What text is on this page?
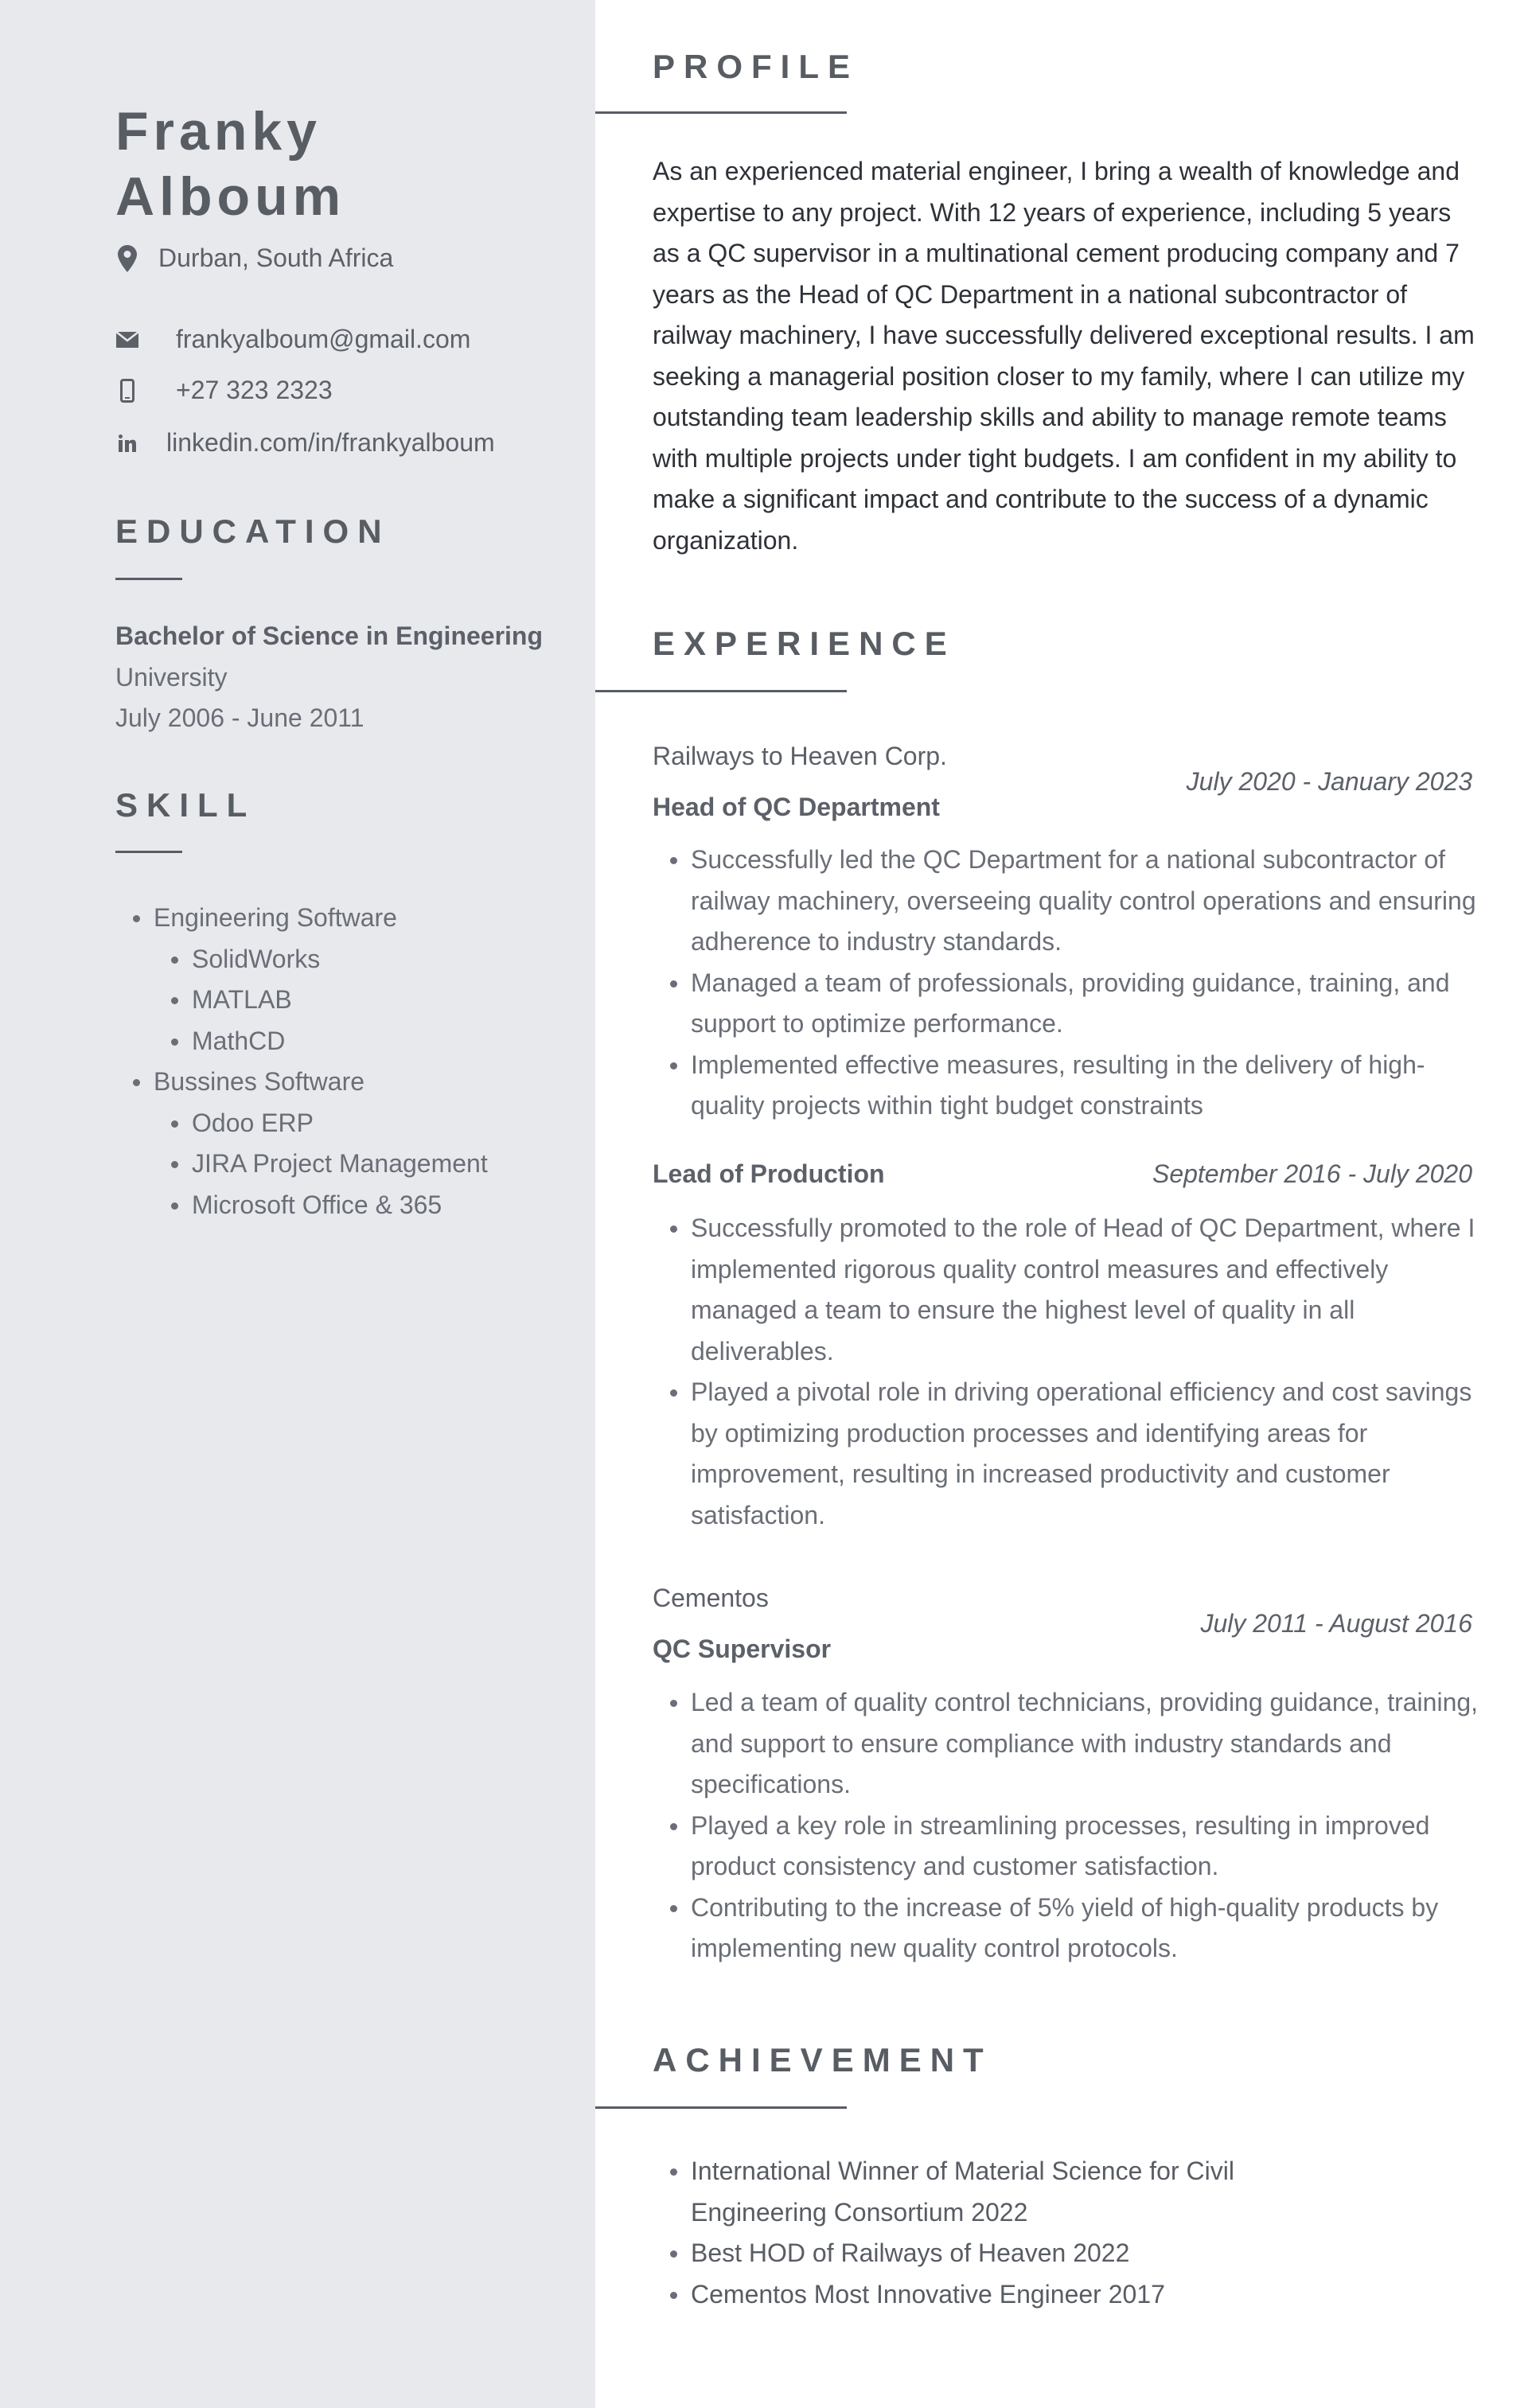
Franky
Alboum
Durban, South Africa
frankyalboum@gmail.com
+27 323 2323
linkedin.com/in/frankyalboum
EDUCATION
Bachelor of Science in Engineering
University
July 2006 - June 2011
SKILL
Engineering Software
SolidWorks
MATLAB
MathCD
Bussines Software
Odoo ERP
JIRA Project Management
Microsoft Office & 365
PROFILE
As an experienced material engineer, I bring a wealth of knowledge and expertise to any project. With 12 years of experience, including 5 years as a QC supervisor in a multinational cement producing company and 7 years as the Head of QC Department in a national subcontractor of railway machinery, I have successfully delivered exceptional results. I am seeking a managerial position closer to my family, where I can utilize my outstanding team leadership skills and ability to manage remote teams with multiple projects under tight budgets. I am confident in my ability to make a significant impact and contribute to the success of a dynamic organization.
EXPERIENCE
Railways to Heaven Corp.
July 2020 - January 2023
Head of QC Department
Successfully led the QC Department for a national subcontractor of railway machinery, overseeing quality control operations and ensuring adherence to industry standards.
Managed a team of professionals, providing guidance, training, and support to optimize performance.
Implemented effective measures, resulting in the delivery of high-quality projects within tight budget constraints
Lead of Production	September 2016 - July 2020
Successfully promoted to the role of Head of QC Department, where I implemented rigorous quality control measures and effectively managed a team to ensure the highest level of quality in all deliverables.
Played a pivotal role in driving operational efficiency and cost savings by optimizing production processes and identifying areas for improvement, resulting in increased productivity and customer satisfaction.
Cementos
July 2011 - August 2016
QC Supervisor
Led a team of quality control technicians, providing guidance, training, and support to ensure compliance with industry standards and specifications.
Played a key role in streamlining processes, resulting in improved product consistency and customer satisfaction.
Contributing to the increase of 5% yield of high-quality products by implementing new quality control protocols.
ACHIEVEMENT
International Winner of Material Science for Civil Engineering Consortium 2022
Best HOD of Railways of Heaven 2022
Cementos Most Innovative Engineer 2017
